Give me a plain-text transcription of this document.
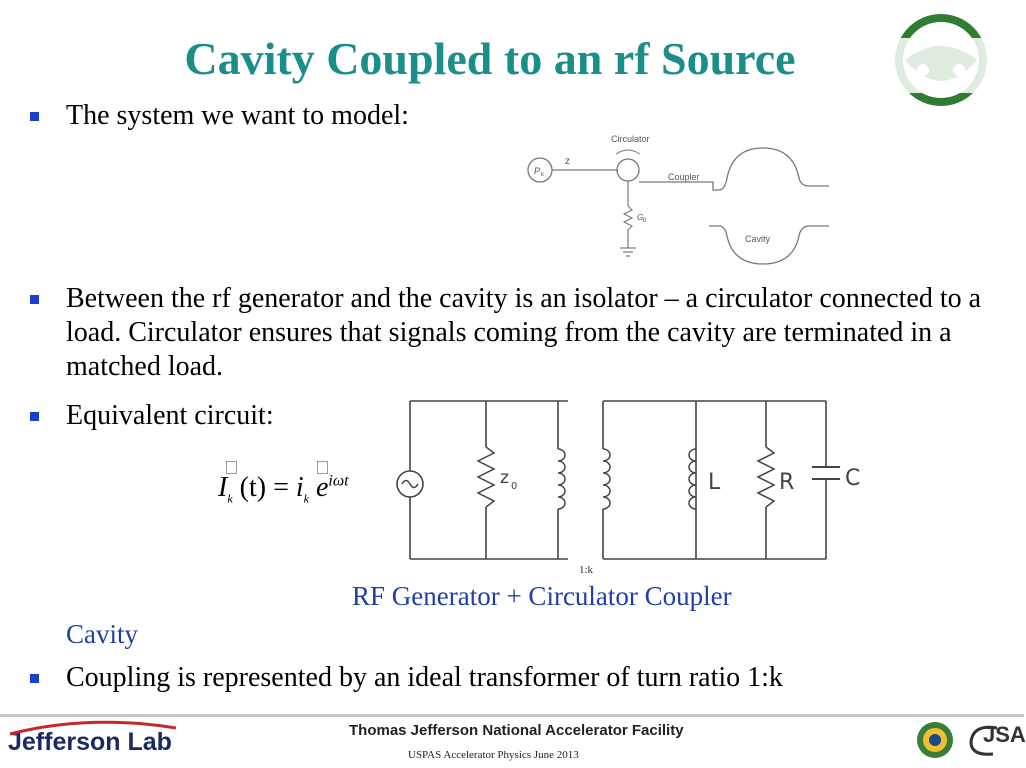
Cavity Coupled to an rf Source
The system we want to model:
P k
z
Circulator
Coupler
G 0
Cavity
Between the rf generator and the cavity is an isolator – a circulator connected to a load. Circulator ensures that signals coming from the cavity are terminated in a matched load.
Equivalent circuit:
$I_k$ $(t) = i_k$ $e^{i\omega t}$	z 0
1:k
L	R C
RF Generator + Circulator Coupler
Cavity
Coupling is represented by an ideal transformer of turn ratio 1:k
Jefferson Lab	Thomas Jefferson National Accelerator Facility
USPAS Accelerator Physics June 2013
JSA
